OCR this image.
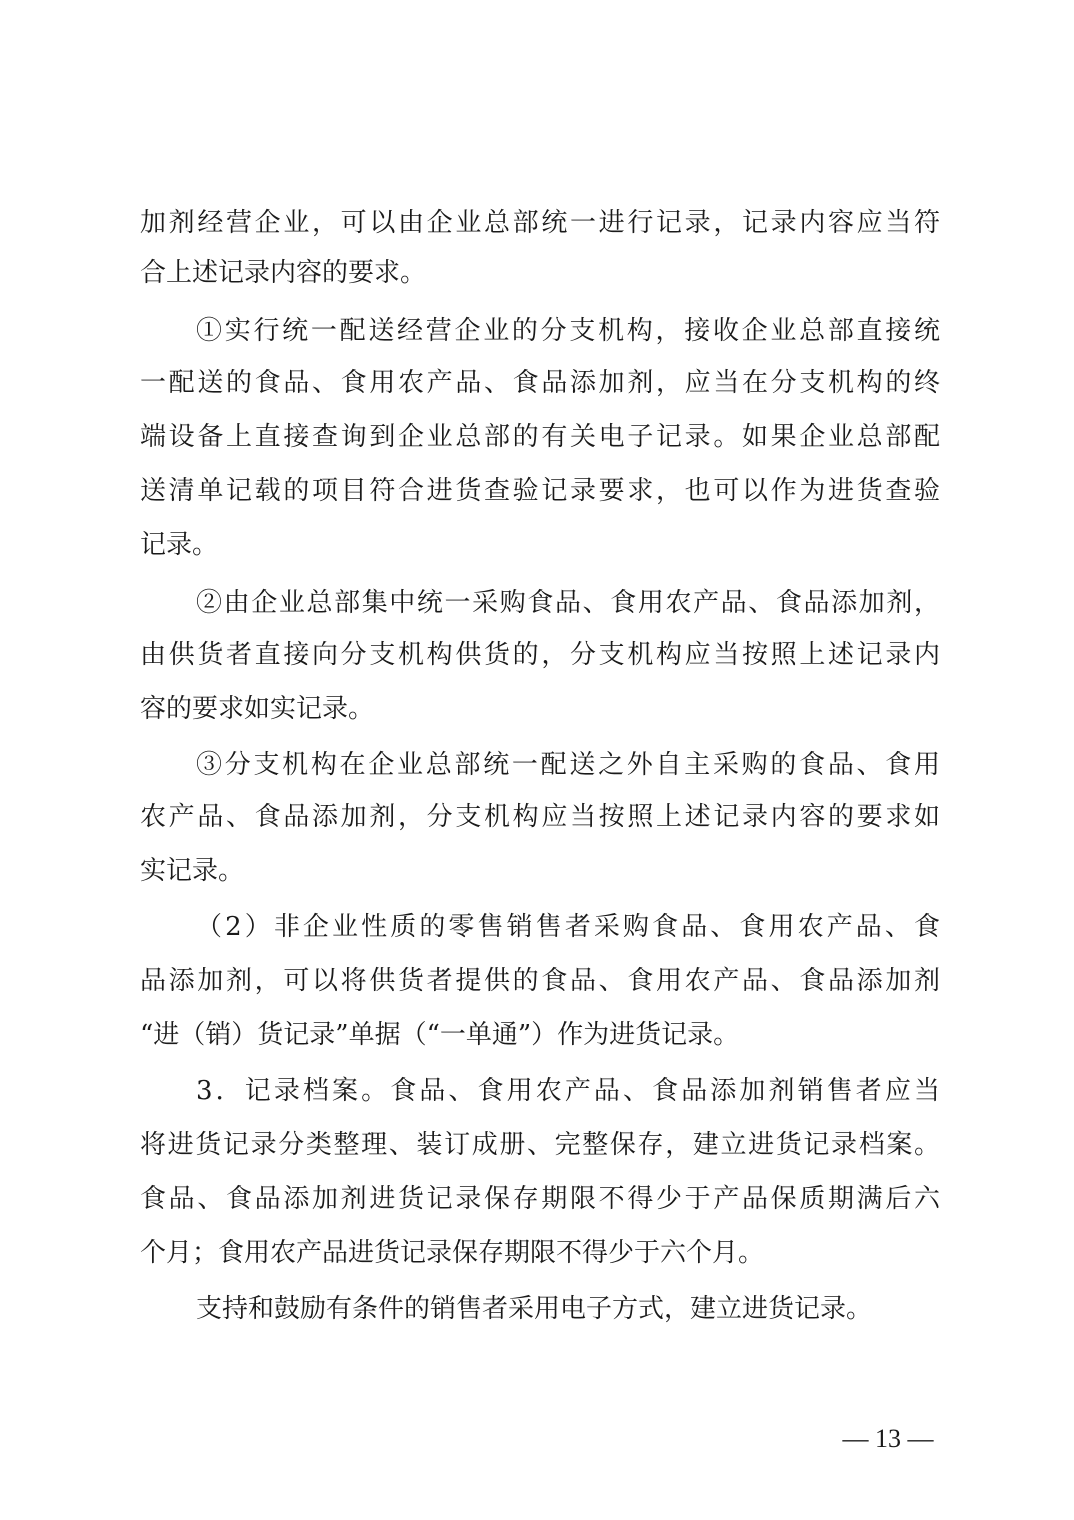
加剂经营企业，可以由企业总部统一进行记录，记录内容应当符
合上述记录内容的要求。
①实行统一配送经营企业的分支机构，接收企业总部直接统
一配送的食品、食用农产品、食品添加剂，应当在分支机构的终
端设备上直接查询到企业总部的有关电子记录。如果企业总部配
送清单记载的项目符合进货查验记录要求，也可以作为进货查验
记录。
②由企业总部集中统一采购食品、食用农产品、食品添加剂，
由供货者直接向分支机构供货的，分支机构应当按照上述记录内
容的要求如实记录。
③分支机构在企业总部统一配送之外自主采购的食品、食用
农产品、食品添加剂，分支机构应当按照上述记录内容的要求如
实记录。
（2）非企业性质的零售销售者采购食品、食用农产品、食
品添加剂，可以将供货者提供的食品、食用农产品、食品添加剂
“进（销）货记录”单据（“一单通”）作为进货记录。
3．记录档案。食品、食用农产品、食品添加剂销售者应当
将进货记录分类整理、装订成册、完整保存，建立进货记录档案。
食品、食品添加剂进货记录保存期限不得少于产品保质期满后六
个月；食用农产品进货记录保存期限不得少于六个月。
支持和鼓励有条件的销售者采用电子方式，建立进货记录。
— 13 —
